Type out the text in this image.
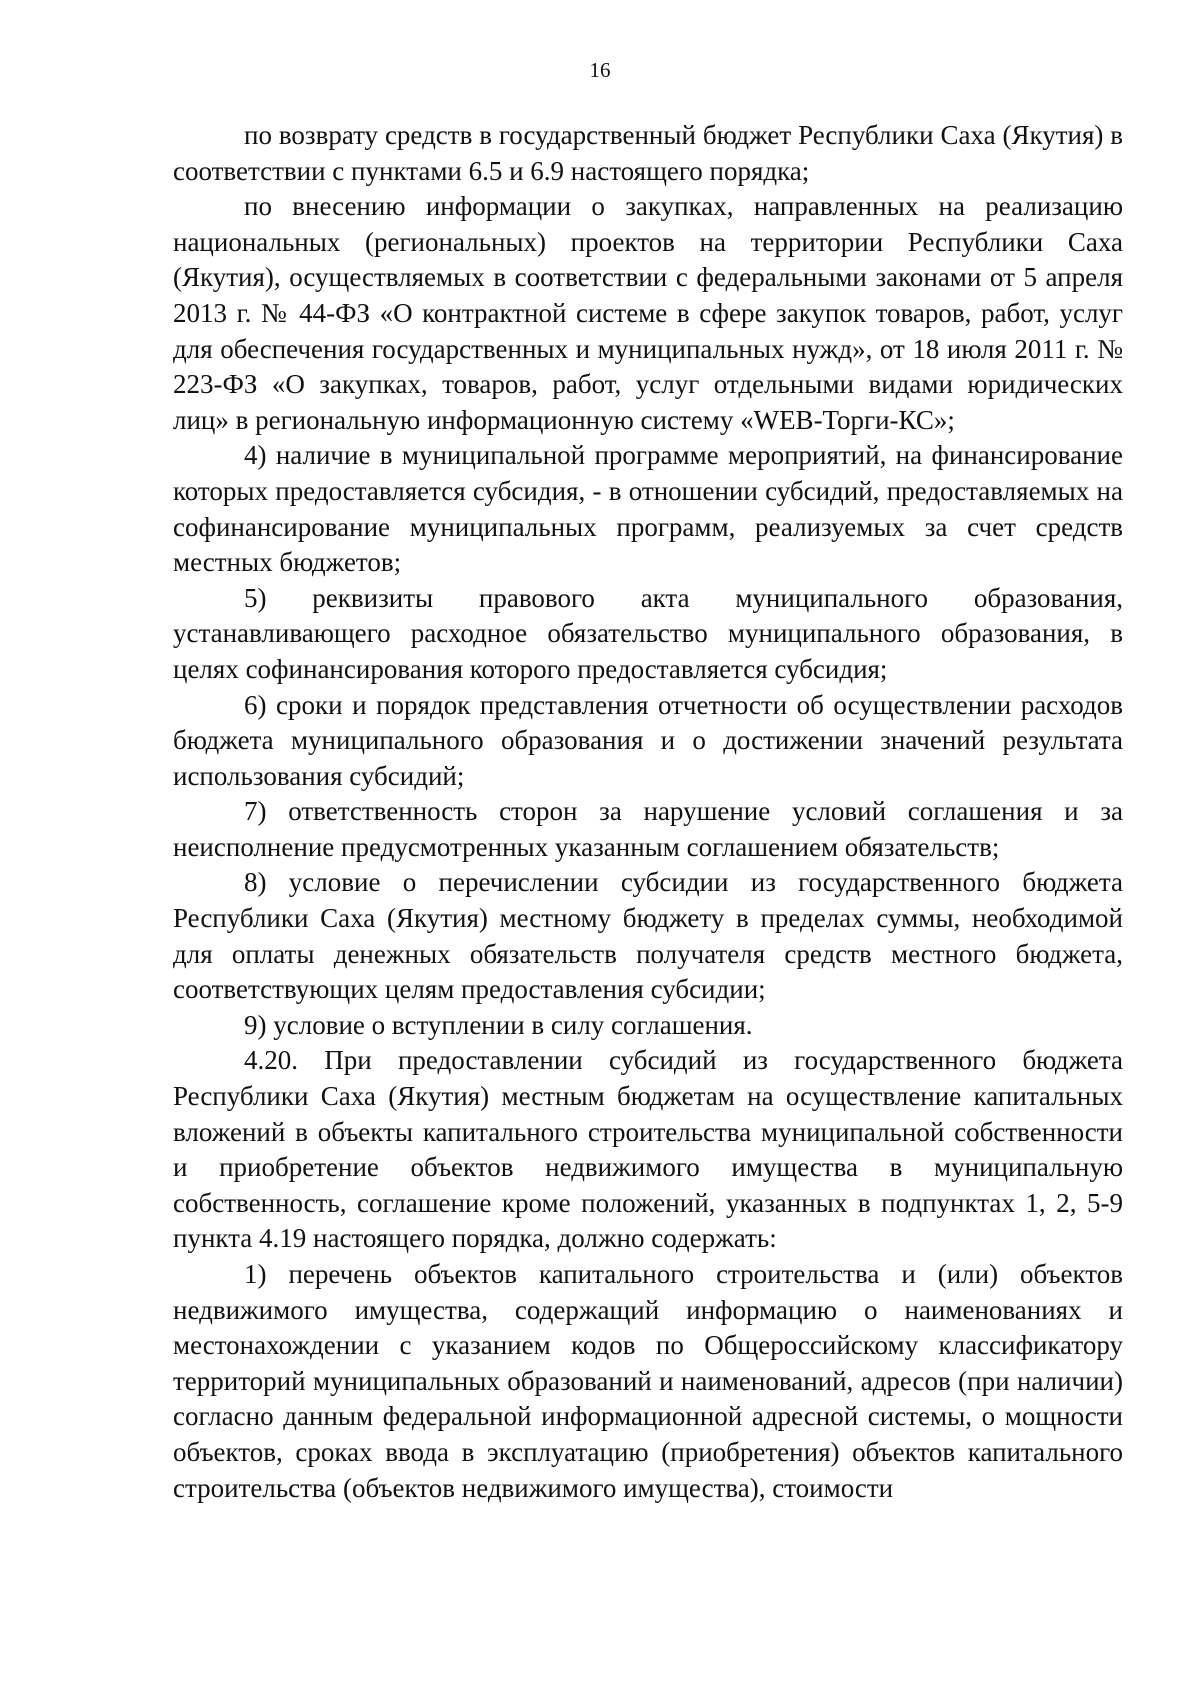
16

по возврату средств в государственный бюджет Республики Саха (Якутия) в соответствии с пунктами 6.5 и 6.9 настоящего порядка;

по внесению информации о закупках, направленных на реализацию национальных (региональных) проектов на территории Республики Саха (Якутия), осуществляемых в соответствии с федеральными законами от 5 апреля 2013 г. № 44-ФЗ «О контрактной системе в сфере закупок товаров, работ, услуг для обеспечения государственных и муниципальных нужд», от 18 июля 2011 г. № 223-ФЗ «О закупках, товаров, работ, услуг отдельными видами юридических лиц» в региональную информационную систему «WEB-Торги-КС»;

4) наличие в муниципальной программе мероприятий, на финансирование которых предоставляется субсидия, - в отношении субсидий, предоставляемых на софинансирование муниципальных программ, реализуемых за счет средств местных бюджетов;

5) реквизиты правового акта муниципального образования, устанавливающего расходное обязательство муниципального образования, в целях софинансирования которого предоставляется субсидия;

6) сроки и порядок представления отчетности об осуществлении расходов бюджета муниципального образования и о достижении значений результата использования субсидий;

7) ответственность сторон за нарушение условий соглашения и за неисполнение предусмотренных указанным соглашением обязательств;

8) условие о перечислении субсидии из государственного бюджета Республики Саха (Якутия) местному бюджету в пределах суммы, необходимой для оплаты денежных обязательств получателя средств местного бюджета, соответствующих целям предоставления субсидии;

9) условие о вступлении в силу соглашения.

4.20. При предоставлении субсидий из государственного бюджета Республики Саха (Якутия) местным бюджетам на осуществление капитальных вложений в объекты капитального строительства муниципальной собственности и приобретение объектов недвижимого имущества в муниципальную собственность, соглашение кроме положений, указанных в подпунктах 1, 2, 5-9 пункта 4.19 настоящего порядка, должно содержать:

1) перечень объектов капитального строительства и (или) объектов недвижимого имущества, содержащий информацию о наименованиях и местонахождении с указанием кодов по Общероссийскому классификатору территорий муниципальных образований и наименований, адресов (при наличии) согласно данным федеральной информационной адресной системы, о мощности объектов, сроках ввода в эксплуатацию (приобретения) объектов капитального строительства (объектов недвижимого имущества), стоимости
